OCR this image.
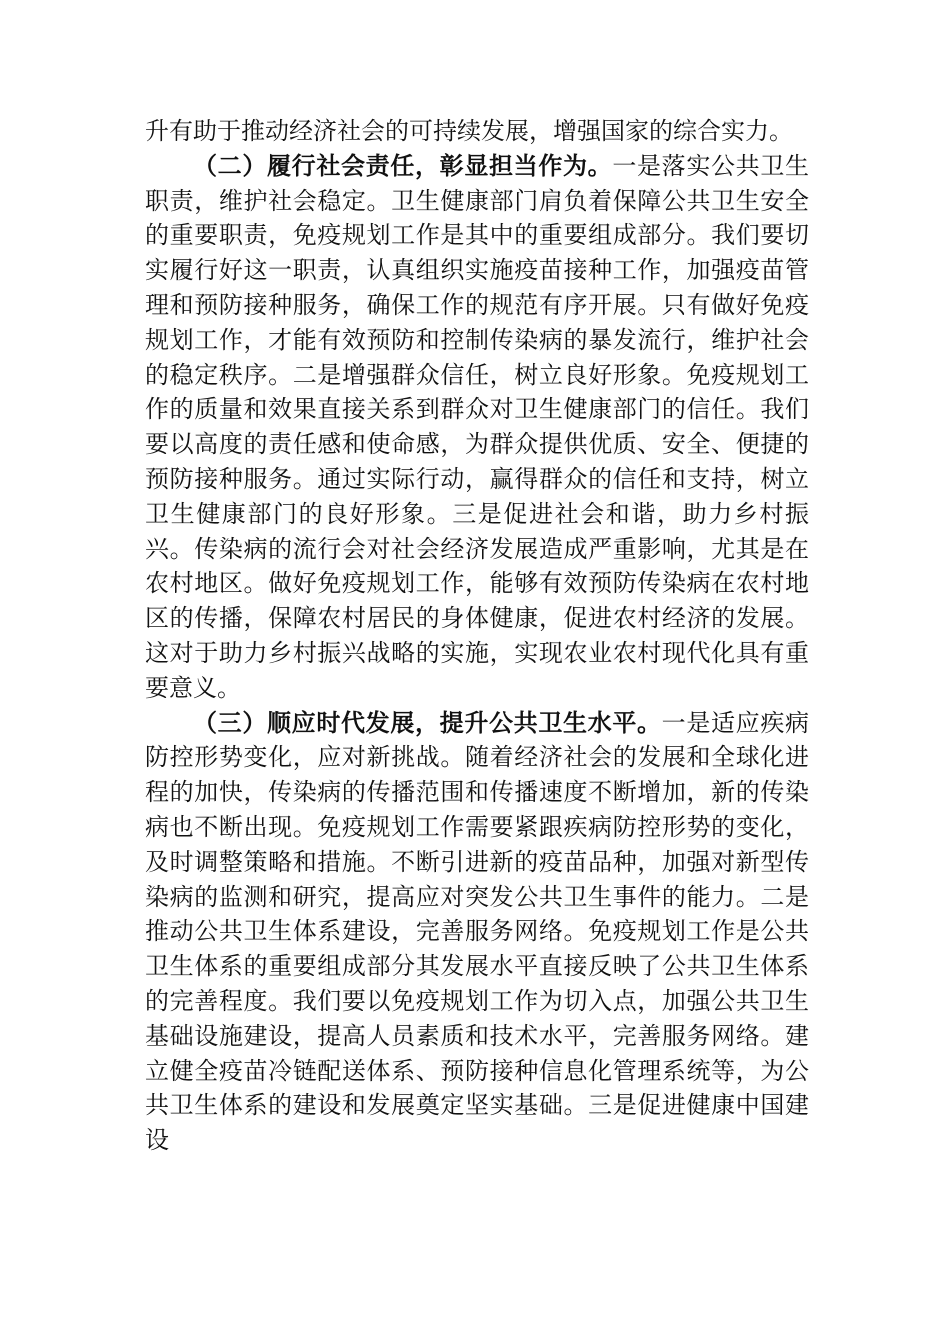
升有助于推动经济社会的可持续发展，增强国家的综合实力。

（二）履行社会责任，彰显担当作为。一是落实公共卫生职责，维护社会稳定。卫生健康部门肩负着保障公共卫生安全的重要职责，免疫规划工作是其中的重要组成部分。我们要切实履行好这一职责，认真组织实施疫苗接种工作，加强疫苗管理和预防接种服务，确保工作的规范有序开展。只有做好免疫规划工作，才能有效预防和控制传染病的暴发流行，维护社会的稳定秩序。二是增强群众信任，树立良好形象。免疫规划工作的质量和效果直接关系到群众对卫生健康部门的信任。我们要以高度的责任感和使命感，为群众提供优质、安全、便捷的预防接种服务。通过实际行动，赢得群众的信任和支持，树立卫生健康部门的良好形象。三是促进社会和谐，助力乡村振兴。传染病的流行会对社会经济发展造成严重影响，尤其是在农村地区。做好免疫规划工作，能够有效预防传染病在农村地区的传播，保障农村居民的身体健康，促进农村经济的发展。这对于助力乡村振兴战略的实施，实现农业农村现代化具有重要意义。

（三）顺应时代发展，提升公共卫生水平。一是适应疾病防控形势变化，应对新挑战。随着经济社会的发展和全球化进程的加快，传染病的传播范围和传播速度不断增加，新的传染病也不断出现。免疫规划工作需要紧跟疾病防控形势的变化，及时调整策略和措施。不断引进新的疫苗品种，加强对新型传染病的监测和研究，提高应对突发公共卫生事件的能力。二是推动公共卫生体系建设，完善服务网络。免疫规划工作是公共卫生体系的重要组成部分其发展水平直接反映了公共卫生体系的完善程度。我们要以免疫规划工作为切入点，加强公共卫生基础设施建设，提高人员素质和技术水平，完善服务网络。建立健全疫苗冷链配送体系、预防接种信息化管理系统等，为公共卫生体系的建设和发展奠定坚实基础。三是促进健康中国建设
